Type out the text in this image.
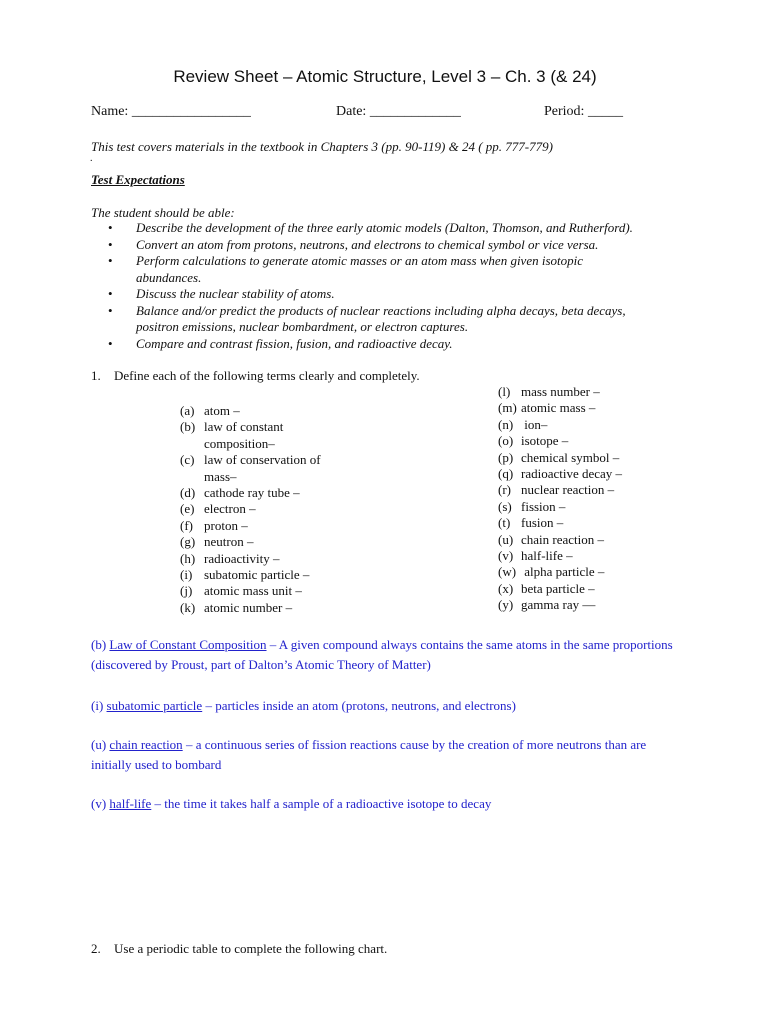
Review Sheet – Atomic Structure, Level 3 – Ch. 3 (& 24)
Name: _________________	Date: _____________	Period: _____
This test covers materials in the textbook in Chapters 3 (pp. 90-119) & 24 ( pp. 777-779)
.
Test Expectations
The student should be able:
• Describe the development of the three early atomic models (Dalton, Thomson, and Rutherford).
• Convert an atom from protons, neutrons, and electrons to chemical symbol or vice versa.
• Perform calculations to generate atomic masses or an atom mass when given isotopic abundances.
• Discuss the nuclear stability of atoms.
• Balance and/or predict the products of nuclear reactions including alpha decays, beta decays, positron emissions, nuclear bombardment, or electron captures.
• Compare and contrast fission, fusion, and radioactive decay.
1. Define each of the following terms clearly and completely.
(a) atom –
(b) law of constant
composition–
(c) law of conservation of
mass–
(d) cathode ray tube –
(e) electron –
(f) proton –
(g) neutron –
(h) radioactivity –
(i) subatomic particle –
(j) atomic mass unit –
(k) atomic number –
(l) mass number –
(m) atomic mass –
(n) ion–
(o) isotope –
(p) chemical symbol –
(q) radioactive decay –
(r) nuclear reaction –
(s) fission –
(t) fusion –
(u) chain reaction –
(v) half-life –
(w) alpha particle –
(x) beta particle –
(y) gamma ray —
(b) Law of Constant Composition – A given compound always contains the same atoms in the same proportions (discovered by Proust, part of Dalton’s Atomic Theory of Matter)
(i) subatomic particle – particles inside an atom (protons, neutrons, and electrons)
(u) chain reaction – a continuous series of fission reactions cause by the creation of more neutrons than are initially used to bombard
(v) half-life – the time it takes half a sample of a radioactive isotope to decay
2. Use a periodic table to complete the following chart.
